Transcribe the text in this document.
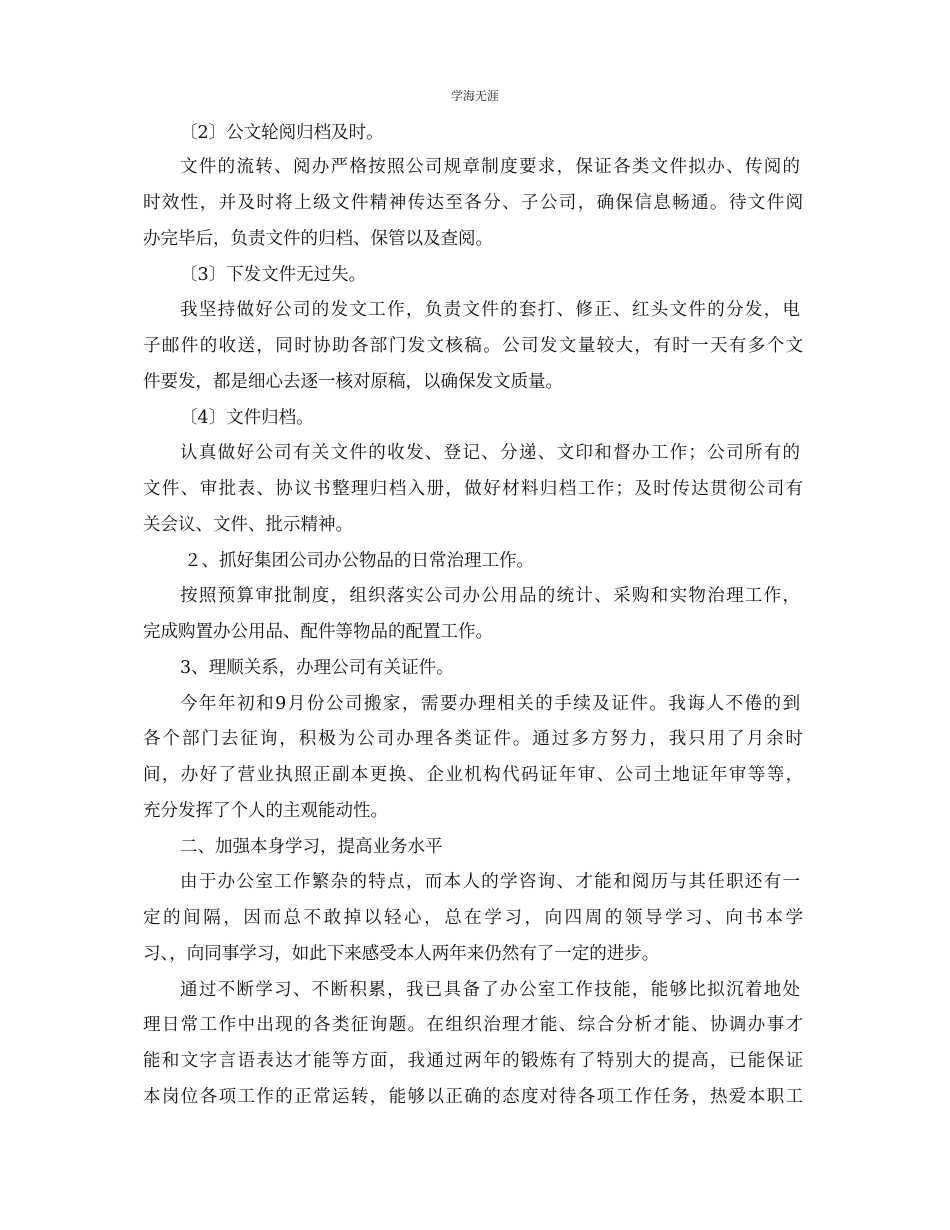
学海无涯
〔2〕公文轮阅归档及时。
文件的流转、阅办严格按照公司规章制度要求，保证各类文件拟办、传阅的
时效性，并及时将上级文件精神传达至各分、子公司，确保信息畅通。待文件阅
办完毕后，负责文件的归档、保管以及查阅。
〔3〕下发文件无过失。
我坚持做好公司的发文工作，负责文件的套打、修正、红头文件的分发，电
子邮件的收送，同时协助各部门发文核稿。公司发文量较大，有时一天有多个文
件要发，都是细心去逐一核对原稿，以确保发文质量。
〔4〕文件归档。
认真做好公司有关文件的收发、登记、分递、文印和督办工作；公司所有的
文件、审批表、协议书整理归档入册，做好材料归档工作；及时传达贯彻公司有
关会议、文件、批示精神。
２、抓好集团公司办公物品的日常治理工作。
按照预算审批制度，组织落实公司办公用品的统计、采购和实物治理工作，
完成购置办公用品、配件等物品的配置工作。
3、理顺关系，办理公司有关证件。
今年年初和9月份公司搬家，需要办理相关的手续及证件。我诲人不倦的到
各个部门去征询，积极为公司办理各类证件。通过多方努力，我只用了月余时
间，办好了营业执照正副本更换、企业机构代码证年审、公司土地证年审等等，
充分发挥了个人的主观能动性。
二、加强本身学习，提高业务水平
由于办公室工作繁杂的特点，而本人的学咨询、才能和阅历与其任职还有一
定的间隔，因而总不敢掉以轻心，总在学习，向四周的领导学习、向书本学
习、，向同事学习，如此下来感受本人两年来仍然有了一定的进步。
通过不断学习、不断积累，我已具备了办公室工作技能，能够比拟沉着地处
理日常工作中出现的各类征询题。在组织治理才能、综合分析才能、协调办事才
能和文字言语表达才能等方面，我通过两年的锻炼有了特别大的提高，已能保证
本岗位各项工作的正常运转，能够以正确的态度对待各项工作任务，热爱本职工
